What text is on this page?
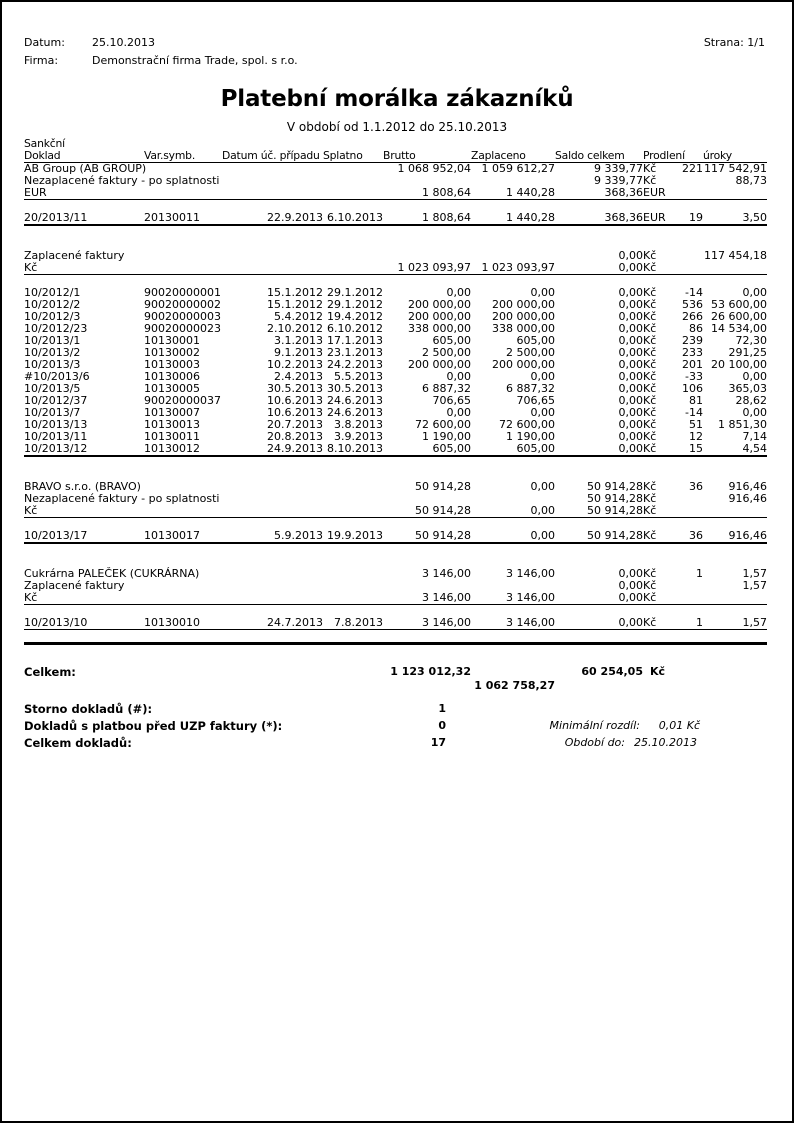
Datum: 25.10.2013
Firma:	Demonstrační firma Trade, spol. s r.o.
Strana: 1/1
Platební morálka zákazníků
V období od 1.1.2012 do 25.10.2013
Sankční									
Doklad	Var.symb.	Datum úč. případu	Splatno	Brutto	Zaplaceno	Saldo celkem	Prodlení		úroky
AB Group (AB GROUP)				1 068 952,04	1 059 612,27	9 339,77	Kč	221	117 542,91
Nezaplacené faktury - po splatnosti						9 339,77	Kč		88,73
EUR				1 808,64	1 440,28	368,36	EUR		

20/2013/11	20130011	22.9.2013	6.10.2013	1 808,64	1 440,28	368,36	EUR	19	3,50

Zaplacené faktury						0,00	Kč		117 454,18
Kč				1 023 093,97	1 023 093,97	0,00	Kč		

10/2012/1	90020000001	15.1.2012	29.1.2012	0,00	0,00	0,00	Kč	-14	0,00
10/2012/2	90020000002	15.1.2012	29.1.2012	200 000,00	200 000,00	0,00	Kč	536	53 600,00
10/2012/3	90020000003	5.4.2012	19.4.2012	200 000,00	200 000,00	0,00	Kč	266	26 600,00
10/2012/23	90020000023	2.10.2012	6.10.2012	338 000,00	338 000,00	0,00	Kč	86	14 534,00
10/2013/1	10130001	3.1.2013	17.1.2013	605,00	605,00	0,00	Kč	239	72,30
10/2013/2	10130002	9.1.2013	23.1.2013	2 500,00	2 500,00	0,00	Kč	233	291,25
10/2013/3	10130003	10.2.2013	24.2.2013	200 000,00	200 000,00	0,00	Kč	201	20 100,00
#10/2013/6	10130006	2.4.2013	5.5.2013	0,00	0,00	0,00	Kč	-33	0,00
10/2013/5	10130005	30.5.2013	30.5.2013	6 887,32	6 887,32	0,00	Kč	106	365,03
10/2012/37	90020000037	10.6.2013	24.6.2013	706,65	706,65	0,00	Kč	81	28,62
10/2013/7	10130007	10.6.2013	24.6.2013	0,00	0,00	0,00	Kč	-14	0,00
10/2013/13	10130013	20.7.2013	3.8.2013	72 600,00	72 600,00	0,00	Kč	51	1 851,30
10/2013/11	10130011	20.8.2013	3.9.2013	1 190,00	1 190,00	0,00	Kč	12	7,14
10/2013/12	10130012	24.9.2013	8.10.2013	605,00	605,00	0,00	Kč	15	4,54

BRAVO s.r.o. (BRAVO)				50 914,28	0,00	50 914,28	Kč	36	916,46
Nezaplacené faktury - po splatnosti						50 914,28	Kč		916,46
Kč				50 914,28	0,00	50 914,28	Kč		

10/2013/17	10130017	5.9.2013	19.9.2013	50 914,28	0,00	50 914,28	Kč	36	916,46

Cukrárna PALEČEK (CUKRÁRNA)				3 146,00	3 146,00	0,00	Kč	1	1,57
Zaplacené faktury						0,00	Kč		1,57
Kč				3 146,00	3 146,00	0,00	Kč		

10/2013/10	10130010	24.7.2013	7.8.2013	3 146,00	3 146,00	0,00	Kč	1	1,57

Celkem:	1 123 012,32	60 254,05 Kč
1 062 758,27
Storno dokladů (#):	1
Dokladů s platbou před UZP faktury (*):	0	Minimální rozdíl: 0,01 Kč
Celkem dokladů:	17	Období do: 25.10.2013
